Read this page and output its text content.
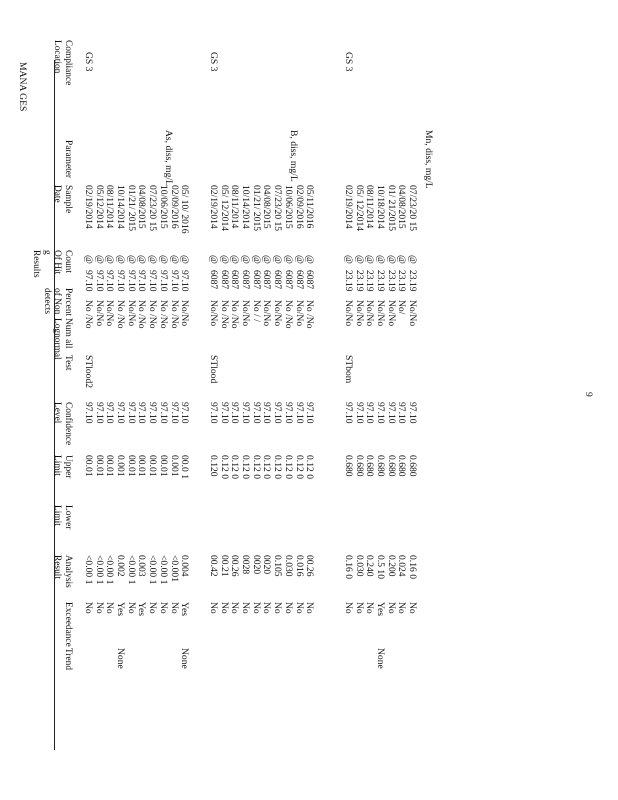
Compliance
Location
Parameter
Sample Date
Count
Of Hit g
Results
Percent
of Non
detects
Num all
Lognormal
Test
Confidence
Level
Upper Limit
Lower Limit
Analysis Result
Exceedance
Trend
GS 3
As, diss, mg/L
STlood2
02/19/2014
@
97.10
No /No
97.10
00.01
<0.00 1
No
05/12/2014
@
97.10
No/No
97.10
00.01
<0.00 1
No
08/11/2014
@
97.10
No/No
97.10
00.01
<0.00 1
No
10/14/2014
@
97.10
No /No
97.10
0.001
0.002
Yes
None
01/21/ 2015
@
97.10
No/No
97.10
00.01
<0.00 1
No
04/08/2015
@
97.10
No /No
97.10
00.01
0.003
Yes
07/23/20 15
@
97.10
No /No
97.10
00.01
<0.00 1
No
10/06/2015
@
97.10
No /No
97.10
00.01
<0.00 1
No
02/09/2016
@
97.10
No /No
97.10
0.001
<0.001
No
05/ 10/ 2016
@
97.10
No/No
97.10
00.0 1
0.004
Yes
None
GS 3
B, diss, mg/L
STlood
02/19/2014
@
6087
No/No
97.10
0.120
00.42
No
05/ 12/2014
@
6087
No /No
97.10
0.12 0
00.21
No
08/11/2014
@
6087
No /No
97.10
0.12 0
00.26
No
10/14/2014
@
6087
No/No
97.10
0.12 0
0028
No
01/21/ 2015
@
6087
No / /
97.10
0.12 0
0020
No
04/08/2015
@
6087
No/No
97.10
0.12 0
0020
No
07/23/20 15
@
6087
No/No
97.10
0.12 0
0.105
No
10/06/2015
@
6087
No /No
97.10
0.12 0
0.030
No
02/09/2016
@
6087
No/No
97.10
0.12 0
0.016
No
05/11/2016
@
6087
No /No
97.10
0.12 0
00.26
No
GS 3
Mn, diss, mg/L
STbom
02/19/2014
@
23.19
No/No
97.10
0.680
0.16 0
No
05/ 12/2014
@
23.19
No/No
97.10
0.680
0.030
No
08/11/2014
@
23.19
No/No
97.10
0.680
0.240
No
10/18/2014
@
23.19
No/No
97.10
0.680
0.5 10
Yes
None
01/ 21/2015
@
23.19
No/No
97.10
0.680
0.200
No
04/08/2015
@
23.19
No/
97.10
0.680
0.024
No
07/23/20 15
@
23.19
No/No
97.10
0.680
0.16 0
No
MANA GES
9
